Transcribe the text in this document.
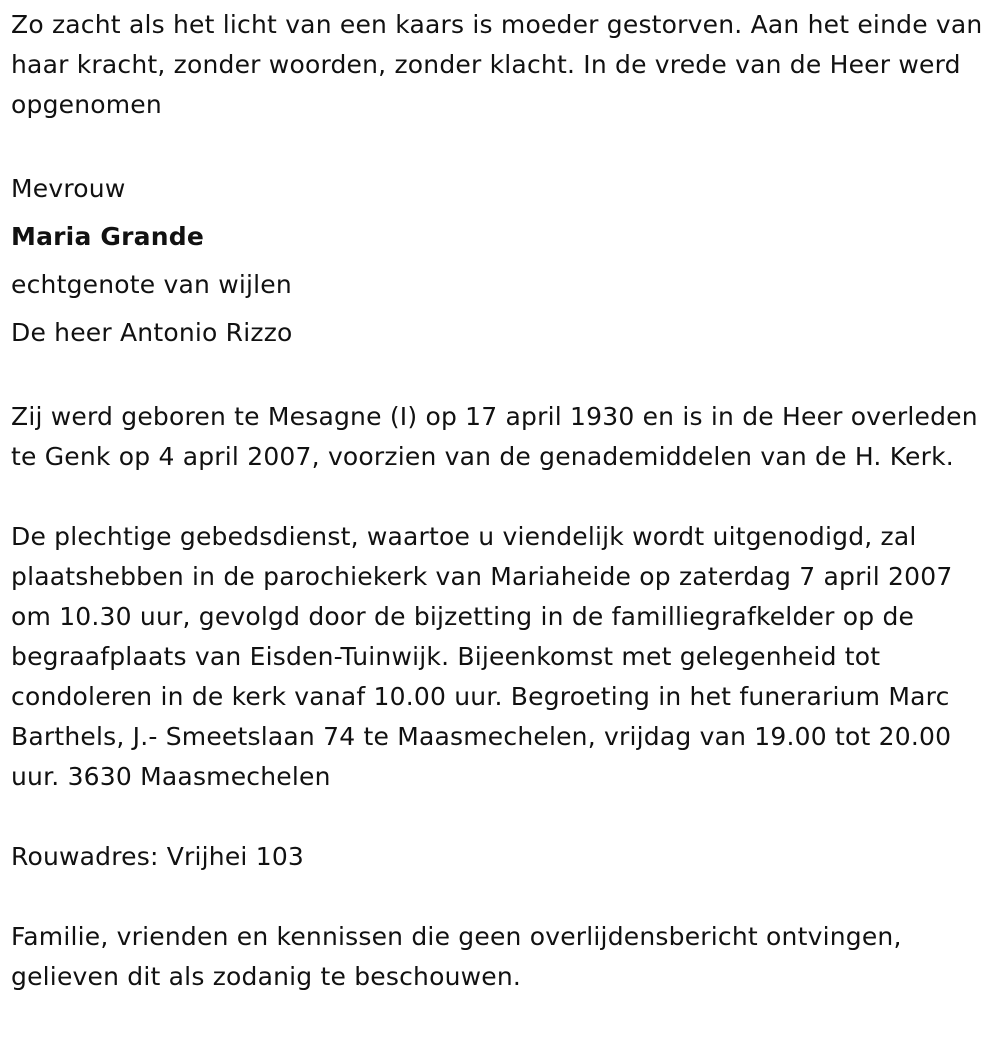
Zo zacht als het licht van een kaars is moeder gestorven. Aan het einde van haar kracht, zonder woorden, zonder klacht. In de vrede van de Heer werd opgenomen

Mevrouw

Maria Grande

echtgenote van wijlen

De heer Antonio Rizzo

Zij werd geboren te Mesagne (I) op 17 april 1930 en is in de Heer overleden te Genk op 4 april 2007, voorzien van de genademiddelen van de H. Kerk.

De plechtige gebedsdienst, waartoe u viendelijk wordt uitgenodigd, zal plaatshebben in de parochiekerk van Mariaheide op zaterdag 7 april 2007 om 10.30 uur, gevolgd door de bijzetting in de familliegrafkelder op de begraafplaats van Eisden-Tuinwijk. Bijeenkomst met gelegenheid tot condoleren in de kerk vanaf 10.00 uur. Begroeting in het funerarium Marc Barthels, J.- Smeetslaan 74 te Maasmechelen, vrijdag van 19.00 tot 20.00 uur. 3630 Maasmechelen

Rouwadres: Vrijhei 103

Familie, vrienden en kennissen die geen overlijdensbericht ontvingen, gelieven dit als zodanig te beschouwen.
